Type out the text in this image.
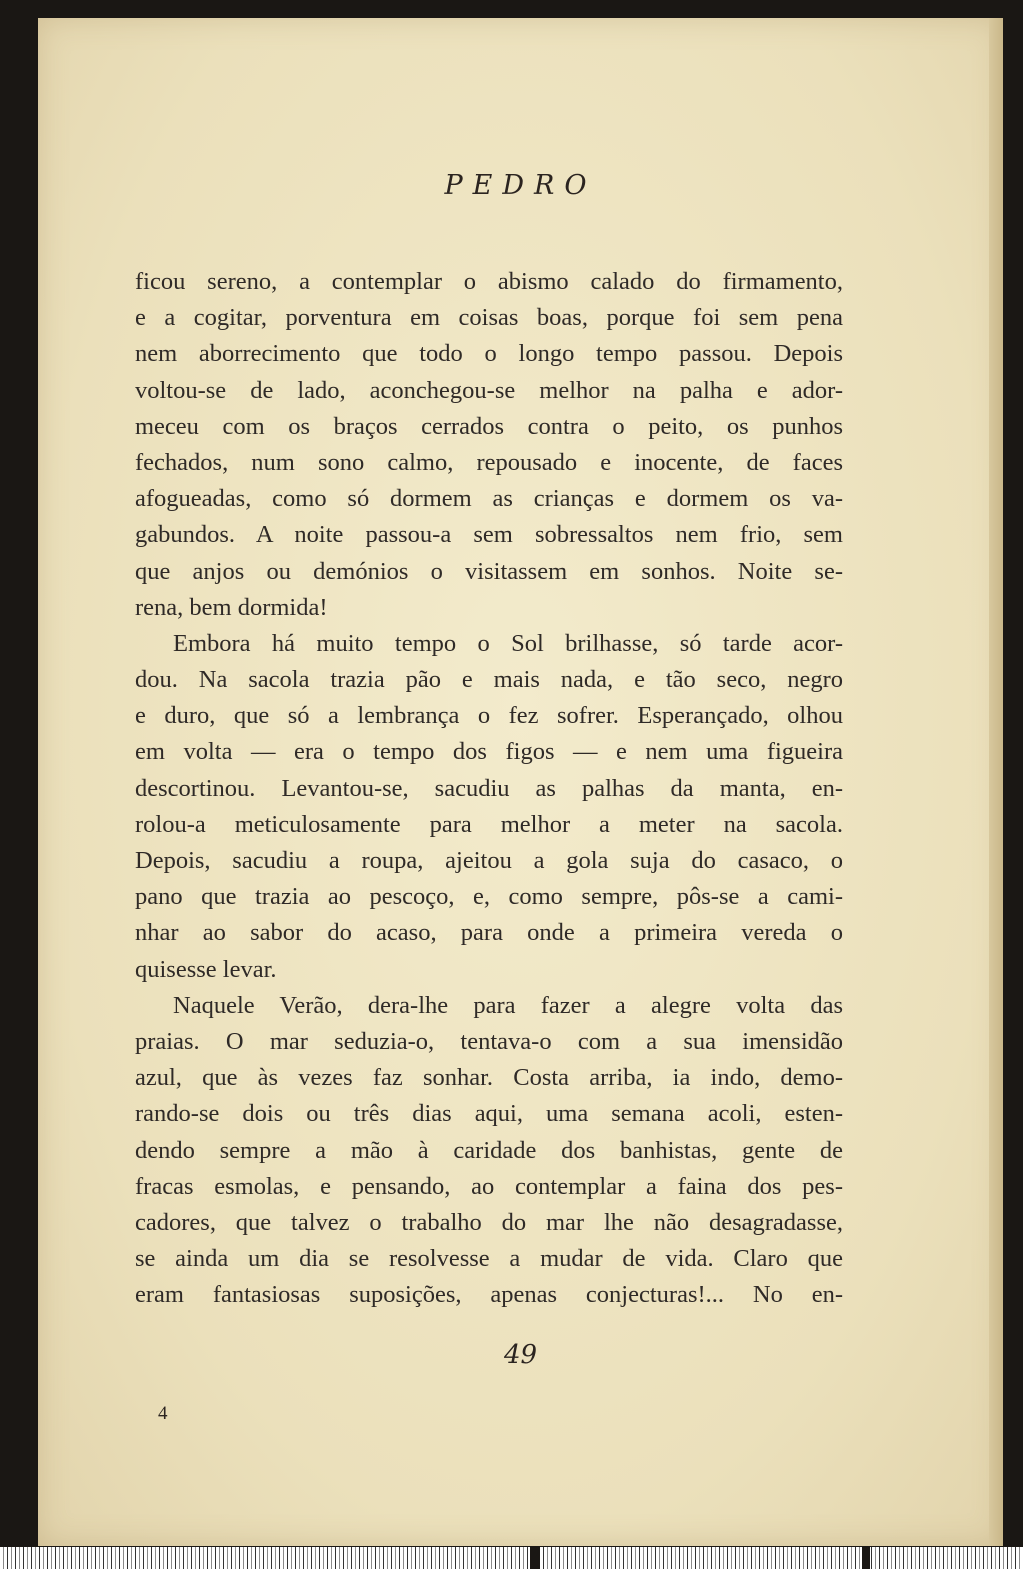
PEDRO
ficou sereno, a contemplar o abismo calado do firmamento,
e a cogitar, porventura em coisas boas, porque foi sem pena
nem aborrecimento que todo o longo tempo passou. Depois
voltou-se de lado, aconchegou-se melhor na palha e ador-
meceu com os braços cerrados contra o peito, os punhos
fechados, num sono calmo, repousado e inocente, de faces
afogueadas, como só dormem as crianças e dormem os va-
gabundos. A noite passou-a sem sobressaltos nem frio, sem
que anjos ou demónios o visitassem em sonhos. Noite se-
rena, bem dormida!
Embora há muito tempo o Sol brilhasse, só tarde acor-
dou. Na sacola trazia pão e mais nada, e tão seco, negro
e duro, que só a lembrança o fez sofrer. Esperançado, olhou
em volta — era o tempo dos figos — e nem uma figueira
descortinou. Levantou-se, sacudiu as palhas da manta, en-
rolou-a meticulosamente para melhor a meter na sacola.
Depois, sacudiu a roupa, ajeitou a gola suja do casaco, o
pano que trazia ao pescoço, e, como sempre, pôs-se a cami-
nhar ao sabor do acaso, para onde a primeira vereda o
quisesse levar.
Naquele Verão, dera-lhe para fazer a alegre volta das
praias. O mar seduzia-o, tentava-o com a sua imensidão
azul, que às vezes faz sonhar. Costa arriba, ia indo, demo-
rando-se dois ou três dias aqui, uma semana acoli, esten-
dendo sempre a mão à caridade dos banhistas, gente de
fracas esmolas, e pensando, ao contemplar a faina dos pes-
cadores, que talvez o trabalho do mar lhe não desagradasse,
se ainda um dia se resolvesse a mudar de vida. Claro que
eram fantasiosas suposições, apenas conjecturas!... No en-
49
4
